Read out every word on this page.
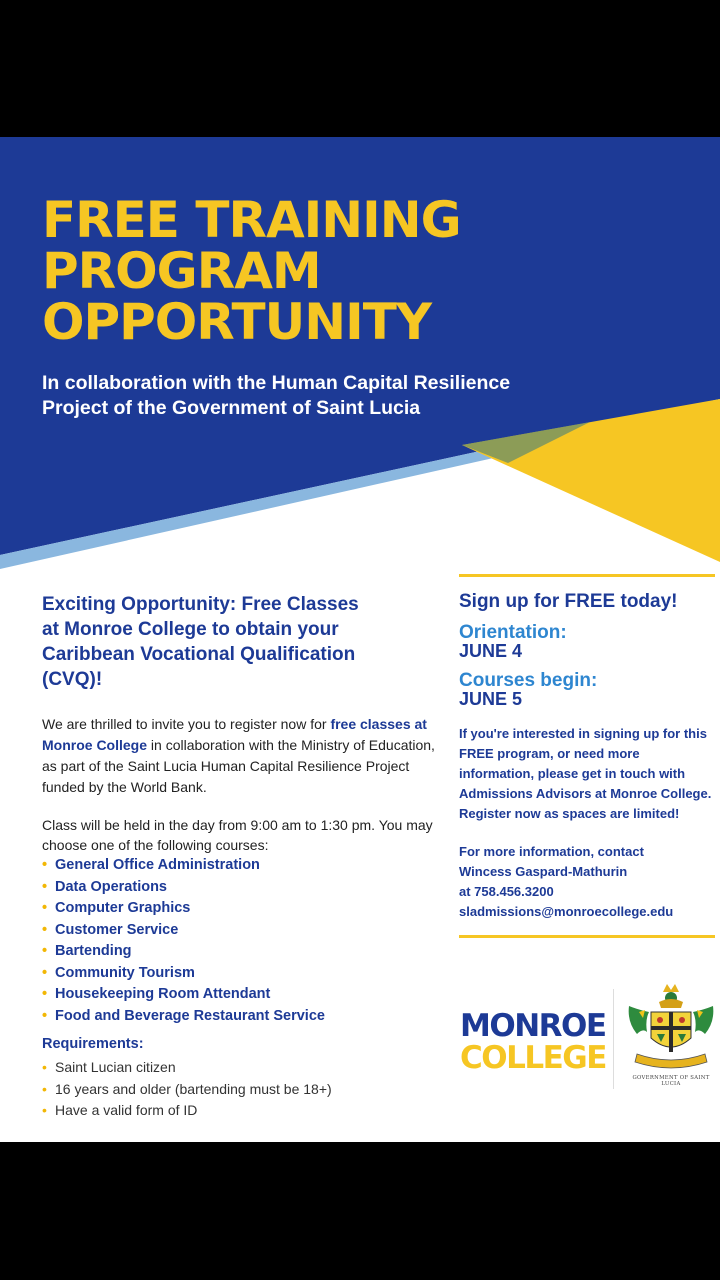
FREE TRAINING
PROGRAM
OPPORTUNITY
In collaboration with the Human Capital Resilience
Project of the Government of Saint Lucia
Exciting Opportunity: Free Classes
at Monroe College to obtain your
Caribbean Vocational Qualification
(CVQ)!

We are thrilled to invite you to register now for free classes at Monroe College in collaboration with the Ministry of Education, as part of the Saint Lucia Human Capital Resilience Project funded by the World Bank.

Class will be held in the day from 9:00 am to 1:30 pm. You may choose one of the following courses:

• General Office Administration
• Data Operations
• Computer Graphics
• Customer Service
• Bartending
• Community Tourism
• Housekeeping Room Attendant
• Food and Beverage Restaurant Service

Requirements:

• Saint Lucian citizen
• 16 years and older (bartending must be 18+)
• Have a valid form of ID

Sign up for FREE today!

Orientation:
JUNE 4
Courses begin:
JUNE 5

If you're interested in signing up for this FREE program, or need more information, please get in touch with Admissions Advisors at Monroe College. Register now as spaces are limited!

For more information, contact
Wincess Gaspard-Mathurin
at 758.456.3200
sladmissions@monroecollege.edu
MONROE
COLLEGE
GOVERNMENT OF SAINT LUCIA
